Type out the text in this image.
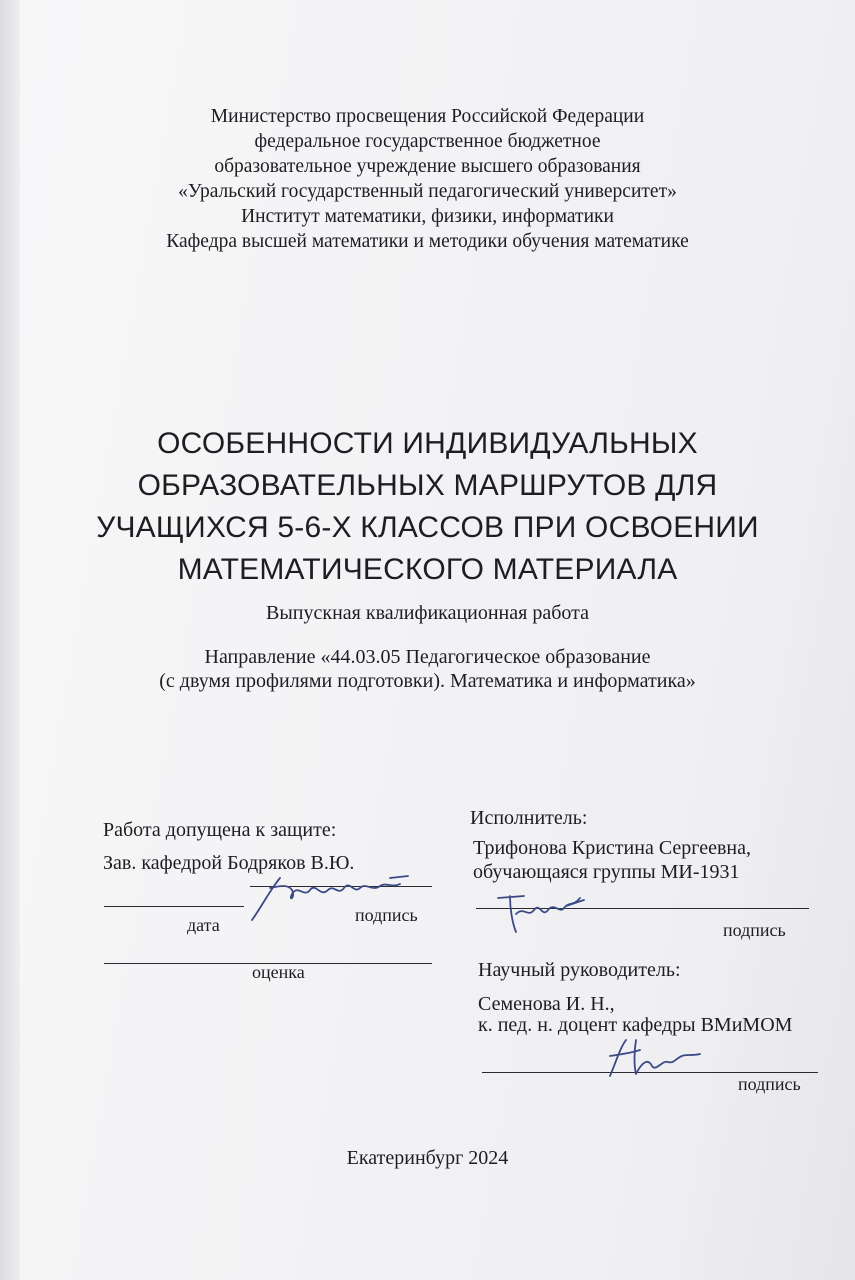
Министерство просвещения Российской Федерации
федеральное государственное бюджетное
образовательное учреждение высшего образования
«Уральский государственный педагогический университет»
Институт математики, физики, информатики
Кафедра высшей математики и методики обучения математике
ОСОБЕННОСТИ ИНДИВИДУАЛЬНЫХ
ОБРАЗОВАТЕЛЬНЫХ МАРШРУТОВ ДЛЯ
УЧАЩИХСЯ 5-6-Х КЛАССОВ ПРИ ОСВОЕНИИ
МАТЕМАТИЧЕСКОГО МАТЕРИАЛА
Выпускная квалификационная работа
Направление «44.03.05 Педагогическое образование
(с двумя профилями подготовки). Математика и информатика»
Работа допущена к защите:
Зав. кафедрой Бодряков В.Ю.
дата	подпись
оценка
Исполнитель:
Трифонова Кристина Сергеевна,
обучающаяся группы МИ-1931
подпись
Научный руководитель:
Семенова И. Н.,
к. пед. н. доцент кафедры ВМиМОМ
подпись
Екатеринбург 2024
